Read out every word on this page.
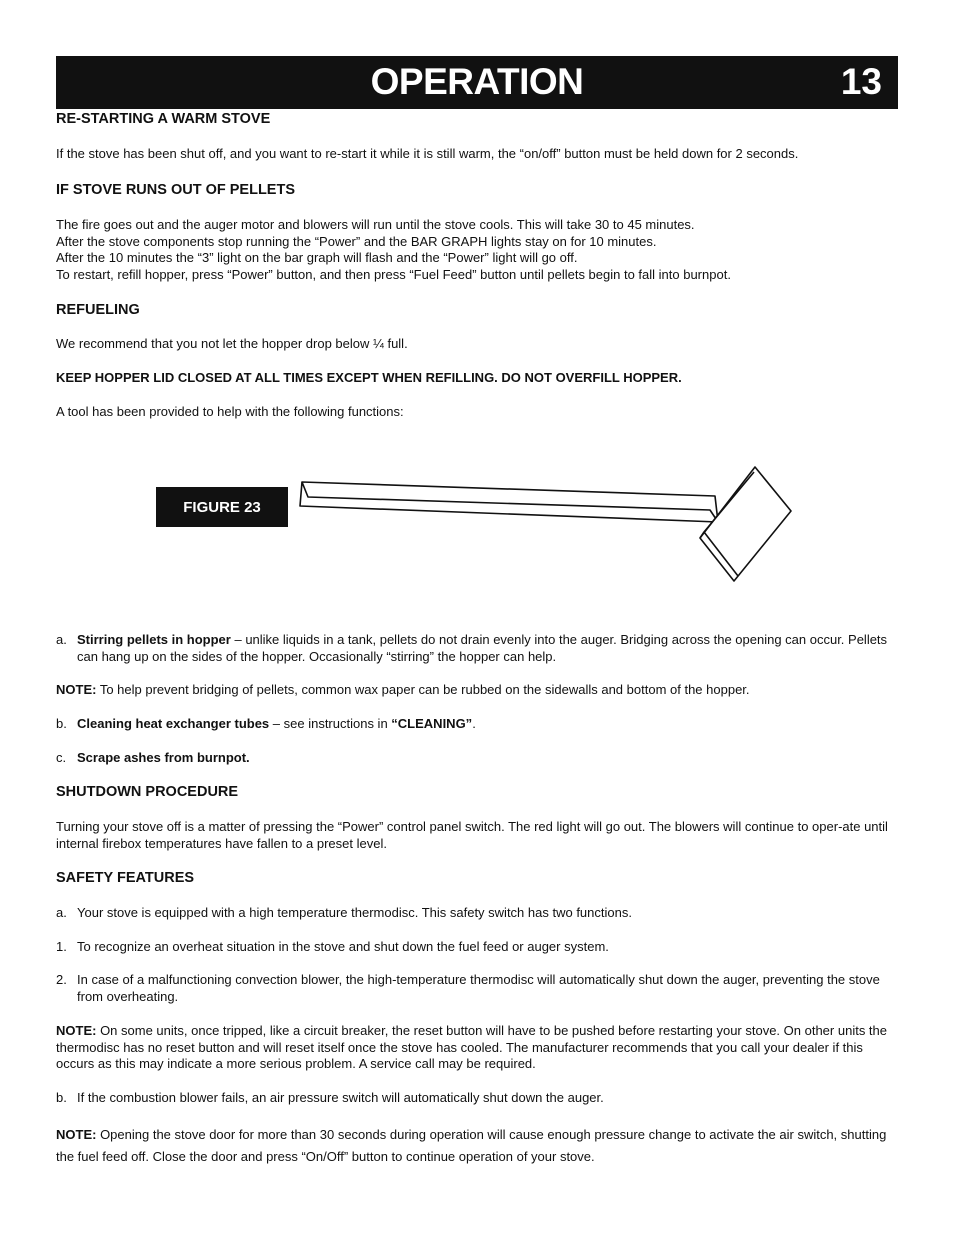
OPERATION	13
RE-STARTING A WARM STOVE
If the stove has been shut off, and you want to re-start it while it is still warm, the “on/off” button must be held down for 2 seconds.
IF STOVE RUNS OUT OF PELLETS
The fire goes out and the auger motor and blowers will run until the stove cools. This will take 30 to 45 minutes.
After the stove components stop running the “Power” and the BAR GRAPH lights stay on for 10 minutes.
After the 10 minutes the “3” light on the bar graph will flash and the “Power” light will go off.
To restart, refill hopper, press “Power” button, and then press “Fuel Feed” button until pellets begin to fall into burnpot.
REFUELING
We recommend that you not let the hopper drop below ¼ full.
KEEP HOPPER LID CLOSED AT ALL TIMES EXCEPT WHEN REFILLING. DO NOT OVERFILL HOPPER.
A tool has been provided to help with the following functions:
FIGURE 23
a. Stirring pellets in hopper – unlike liquids in a tank, pellets do not drain evenly into the auger. Bridging across the opening can occur. Pellets can hang up on the sides of the hopper. Occasionally “stirring” the hopper can help.
NOTE: To help prevent bridging of pellets, common wax paper can be rubbed on the sidewalls and bottom of the hopper.
b. Cleaning heat exchanger tubes – see instructions in “CLEANING”.
c. Scrape ashes from burnpot.
SHUTDOWN PROCEDURE
Turning your stove off is a matter of pressing the “Power” control panel switch. The red light will go out. The blowers will continue to oper-ate until internal firebox temperatures have fallen to a preset level.
SAFETY FEATURES
a. Your stove is equipped with a high temperature thermodisc. This safety switch has two functions.
1. To recognize an overheat situation in the stove and shut down the fuel feed or auger system.
2. In case of a malfunctioning convection blower, the high-temperature thermodisc will automatically shut down the auger, preventing the stove from overheating.
NOTE: On some units, once tripped, like a circuit breaker, the reset button will have to be pushed before restarting your stove. On other units the thermodisc has no reset button and will reset itself once the stove has cooled. The manufacturer recommends that you call your dealer if this occurs as this may indicate a more serious problem. A service call may be required.
b. If the combustion blower fails, an air pressure switch will automatically shut down the auger.
NOTE: Opening the stove door for more than 30 seconds during operation will cause enough pressure change to activate the air switch, shutting the fuel feed off. Close the door and press “On/Off” button to continue operation of your stove.
